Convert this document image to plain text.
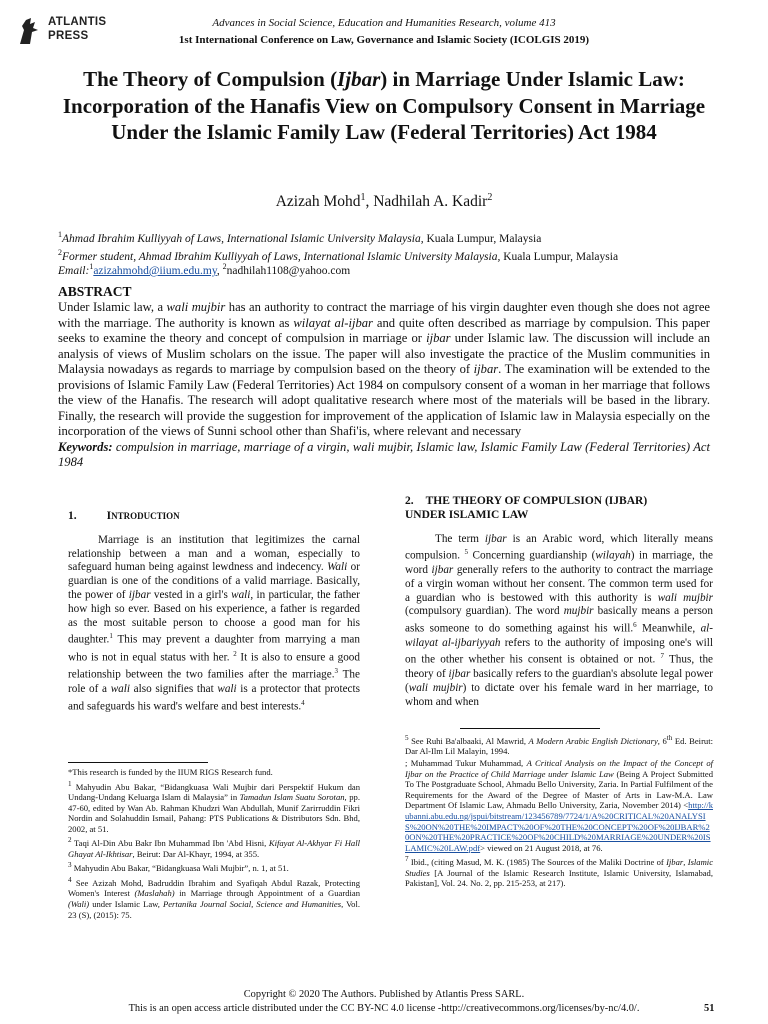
ATLANTIS
PRESS
Advances in Social Science, Education and Humanities Research, volume 413
1st International Conference on Law, Governance and Islamic Society (ICOLGIS 2019)
The Theory of Compulsion (Ijbar) in Marriage Under Islamic Law: Incorporation of the Hanafis View on Compulsory Consent in Marriage Under the Islamic Family Law (Federal Territories) Act 1984
Azizah Mohd$^1$, Nadhilah A. Kadir$^2$
$^1$Ahmad Ibrahim Kulliyyah of Laws, International Islamic University Malaysia, Kuala Lumpur, Malaysia
$^2$Former student, Ahmad Ibrahim Kulliyyah of Laws, International Islamic University Malaysia, Kuala Lumpur, Malaysia
Email:$^1$azizahmohd@iium.edu.my, $^2$nadhilah1108@yahoo.com
ABSTRACT
Under Islamic law, a wali mujbir has an authority to contract the marriage of his virgin daughter even though she does not agree with the marriage. The authority is known as wilayat al-ijbar and quite often described as marriage by compulsion. This paper seeks to examine the theory and concept of compulsion in marriage or ijbar under Islamic law. The discussion will include an analysis of views of Muslim scholars on the issue. The paper will also investigate the practice of the Muslim communities in Malaysia nowadays as regards to marriage by compulsion based on the theory of ijbar. The examination will be extended to the provisions of Islamic Family Law (Federal Territories) Act 1984 on compulsory consent of a woman in her marriage that follows the view of the Hanafis. The research will adopt qualitative research where most of the materials will be based in the library. Finally, the research will provide the suggestion for improvement of the application of Islamic law in Malaysia especially on the incorporation of the views of Sunni school other than Shafi'is, where relevant and necessary

Keywords: compulsion in marriage, marriage of a virgin, wali mujbir, Islamic law, Islamic Family Law (Federal Territories) Act 1984

1.	INTRODUCTION

Marriage is an institution that legitimizes the carnal relationship between a man and a woman, especially to safeguard human being against lewdness and indecency. Wali or guardian is one of the conditions of a valid marriage. Basically, the power of ijbar vested in a girl's wali, in particular, the father how high so ever. Based on his experience, a father is regarded as the most suitable person to choose a good man for his daughter.$^1$ This may prevent a daughter from marrying a man who is not in equal status with her. $^2$ It is also to ensure a good relationship between the two families after the marriage.$^3$ The role of a wali also signifies that wali is a protector that protects and safeguards his ward's welfare and best interests.$^4$

2. THE THEORY OF COMPULSION (IJBAR)
UNDER ISLAMIC LAW

The term ijbar is an Arabic word, which literally means compulsion. $^5$ Concerning guardianship (wilayah) in marriage, the word ijbar generally refers to the authority to contract the marriage of a virgin woman without her consent. The common term used for a guardian who is bestowed with this authority is wali mujbir (compulsory guardian). The word mujbir basically means a person asks someone to do something against his will.$^6$ Meanwhile, al-wilayat al-ijbariyyah refers to the authority of imposing one's will on the other whether his consent is obtained or not. $^7$ Thus, the theory of ijbar basically refers to the guardian's absolute legal power (wali mujbir) to dictate over his female ward in her marriage, to whom and when

*This research is funded by the IIUM RIGS Research fund.

$^1$ Mahyudin Abu Bakar, “Bidangkuasa Wali Mujbir dari Perspektif Hukum dan Undang-Undang Keluarga Islam di Malaysia” in Tamadun Islam Suatu Sorotan, pp. 47-60, edited by Wan Ab. Rahman Khudzri Wan Abdullah, Munif Zarirruddin Fikri Nordin and Solahuddin Ismail, Pahang: PTS Publications & Distributors Sdn. Bhd, 2002, at 51.

$^2$ Taqi Al-Din Abu Bakr Ibn Muhammad Ibn 'Abd Hisni, Kifayat Al-Akhyar Fi Hall Ghayat Al-Ikhtisar, Beirut: Dar Al-Khayr, 1994, at 355.

$^3$ Mahyudin Abu Bakar, “Bidangkuasa Wali Mujbir”, n. 1, at 51.

$^4$ See Azizah Mohd, Badruddin Ibrahim and Syafiqah Abdul Razak, Protecting Women's Interest (Maslahah) in Marriage through Appointment of a Guardian (Wali) under Islamic Law, Pertanika Journal Social, Science and Humanities, Vol. 23 (S), (2015): 75.

$^5$ See Ruhi Ba'albaaki, Al Mawrid, A Modern Arabic English Dictionary, 6th Ed. Beirut: Dar Al-Ilm Lil Malayin, 1994.

; Muhammad Tukur Muhammad, A Critical Analysis on the Impact of the Concept of Ijbar on the Practice of Child Marriage under Islamic Law (Being A Project Submitted To The Postgraduate School, Ahmadu Bello University, Zaria. In Partial Fulfilment of the Requirements for the Award of the Degree of Master of Arts in Law-M.A. Law Department Of Islamic Law, Ahmadu Bello University, Zaria, November 2014) <http://kubanni.abu.edu.ng/jspui/bitstream/123456789/7724/1/A%20CRITICAL%20ANALYSIS%20ON%20THE%20IMPACT%20OF%20THE%20CONCEPT%20OF%20IJBAR%20ON%20THE%20PRACTICE%20OF%20CHILD%20MARRIAGE%20UNDER%20ISLAMIC%20LAW.pdf> viewed on 21 August 2018, at 76.

$^7$ Ibid., (citing Masud, M. K. (1985) The Sources of the Maliki Doctrine of Ijbar, Islamic Studies [A Journal of the Islamic Research Institute, Islamic University, Islamabad, Pakistan], Vol. 24. No. 2, pp. 215-253, at 217).

Copyright © 2020 The Authors. Published by Atlantis Press SARL.
This is an open access article distributed under the CC BY-NC 4.0 license -http://creativecommons.org/licenses/by-nc/4.0/.	51
